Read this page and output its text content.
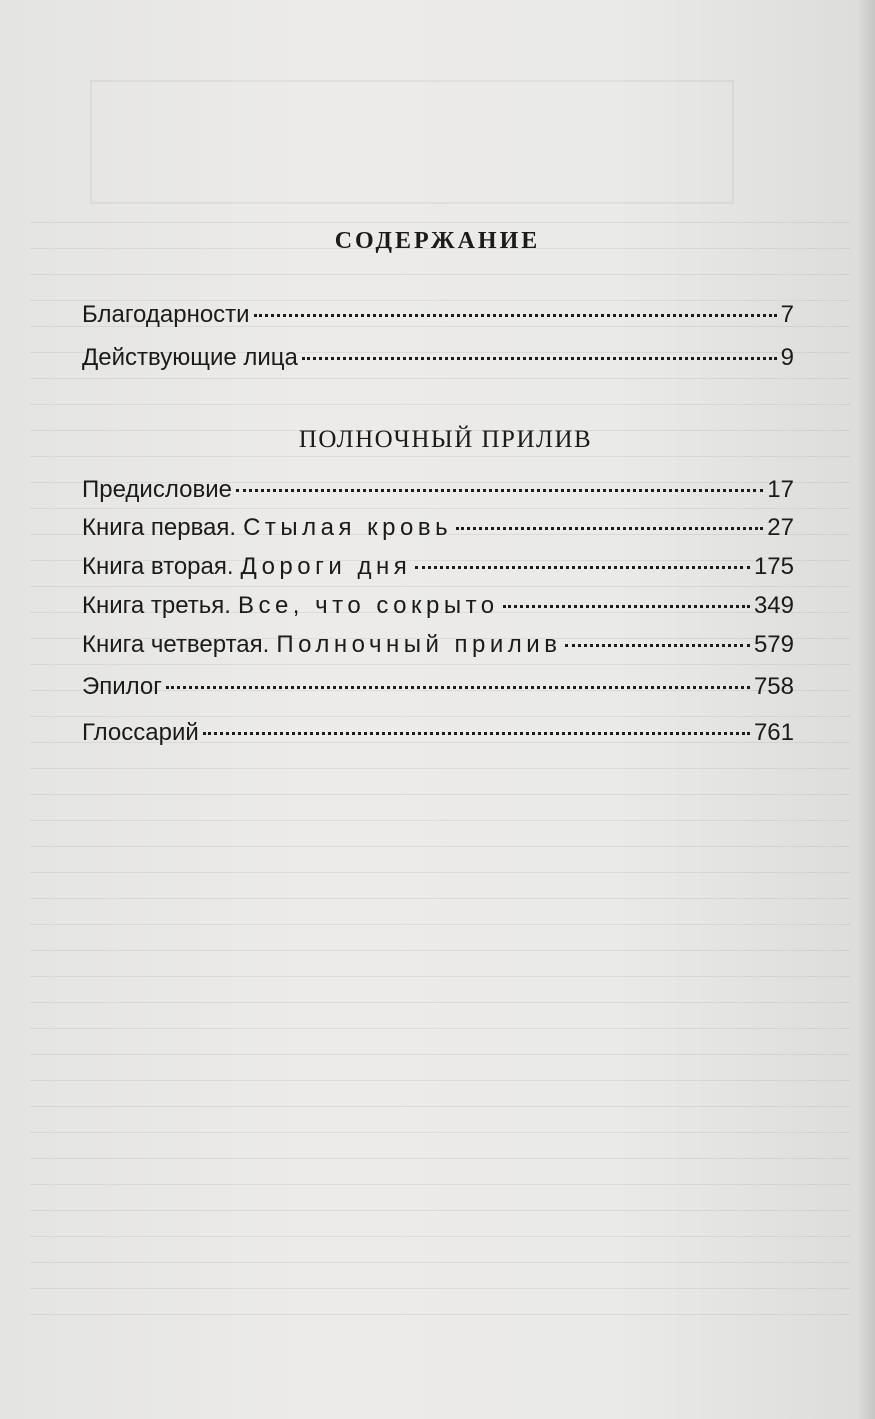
СОДЕРЖАНИЕ
Благодарности	7
Действующие лица	9
ПОЛНОЧНЫЙ ПРИЛИВ
Предисловие	17
Книга первая. Стылая кровь	27
Книга вторая. Дороги дня	175
Книга третья. Все, что сокрыто	349
Книга четвертая. Полночный прилив	579
Эпилог	758
Глоссарий	761
